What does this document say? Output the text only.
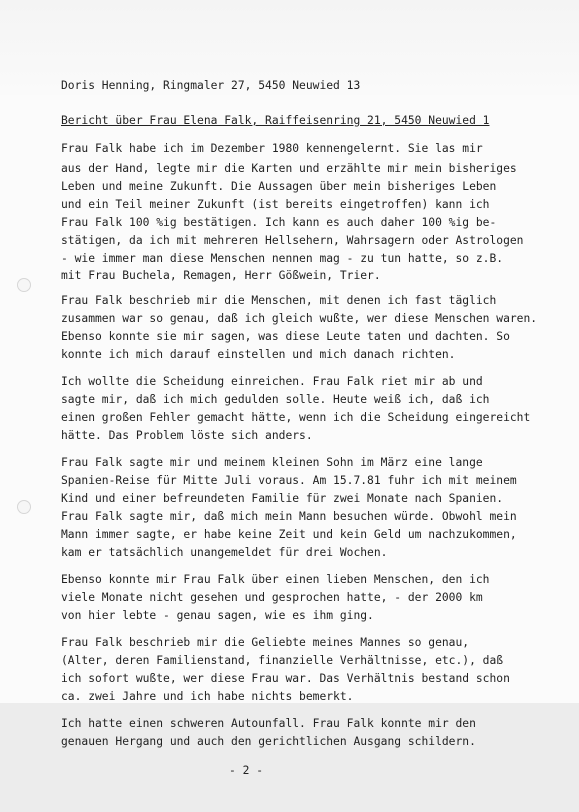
Doris Henning, Ringmaler 27, 5450 Neuwied 13
Bericht über Frau Elena Falk, Raiffeisenring 21, 5450 Neuwied 1
Frau Falk habe ich im Dezember 1980 kennengelernt. Sie las mir
aus der Hand, legte mir die Karten und erzählte mir mein bisheriges
Leben und meine Zukunft. Die Aussagen über mein bisheriges Leben
und ein Teil meiner Zukunft (ist bereits eingetroffen) kann ich
Frau Falk 100 %ig bestätigen. Ich kann es auch daher 100 %ig be-
stätigen, da ich mit mehreren Hellsehern, Wahrsagern oder Astrologen
- wie immer man diese Menschen nennen mag - zu tun hatte, so z.B.
mit Frau Buchela, Remagen, Herr Gößwein, Trier.
Frau Falk beschrieb mir die Menschen, mit denen ich fast täglich
zusammen war so genau, daß ich gleich wußte, wer diese Menschen waren.
Ebenso konnte sie mir sagen, was diese Leute taten und dachten. So
konnte ich mich darauf einstellen und mich danach richten.
Ich wollte die Scheidung einreichen. Frau Falk riet mir ab und
sagte mir, daß ich mich gedulden solle. Heute weiß ich, daß ich
einen großen Fehler gemacht hätte, wenn ich die Scheidung eingereicht
hätte. Das Problem löste sich anders.
Frau Falk sagte mir und meinem kleinen Sohn im März eine lange
Spanien-Reise für Mitte Juli voraus. Am 15.7.81 fuhr ich mit meinem
Kind und einer befreundeten Familie für zwei Monate nach Spanien.
Frau Falk sagte mir, daß mich mein Mann besuchen würde. Obwohl mein
Mann immer sagte, er habe keine Zeit und kein Geld um nachzukommen,
kam er tatsächlich unangemeldet für drei Wochen.
Ebenso konnte mir Frau Falk über einen lieben Menschen, den ich
viele Monate nicht gesehen und gesprochen hatte, - der 2000 km
von hier lebte - genau sagen, wie es ihm ging.
Frau Falk beschrieb mir die Geliebte meines Mannes so genau,
(Alter, deren Familienstand, finanzielle Verhältnisse, etc.), daß
ich sofort wußte, wer diese Frau war. Das Verhältnis bestand schon
ca. zwei Jahre und ich habe nichts bemerkt.
Ich hatte einen schweren Autounfall. Frau Falk konnte mir den
genauen Hergang und auch den gerichtlichen Ausgang schildern.
- 2 -
